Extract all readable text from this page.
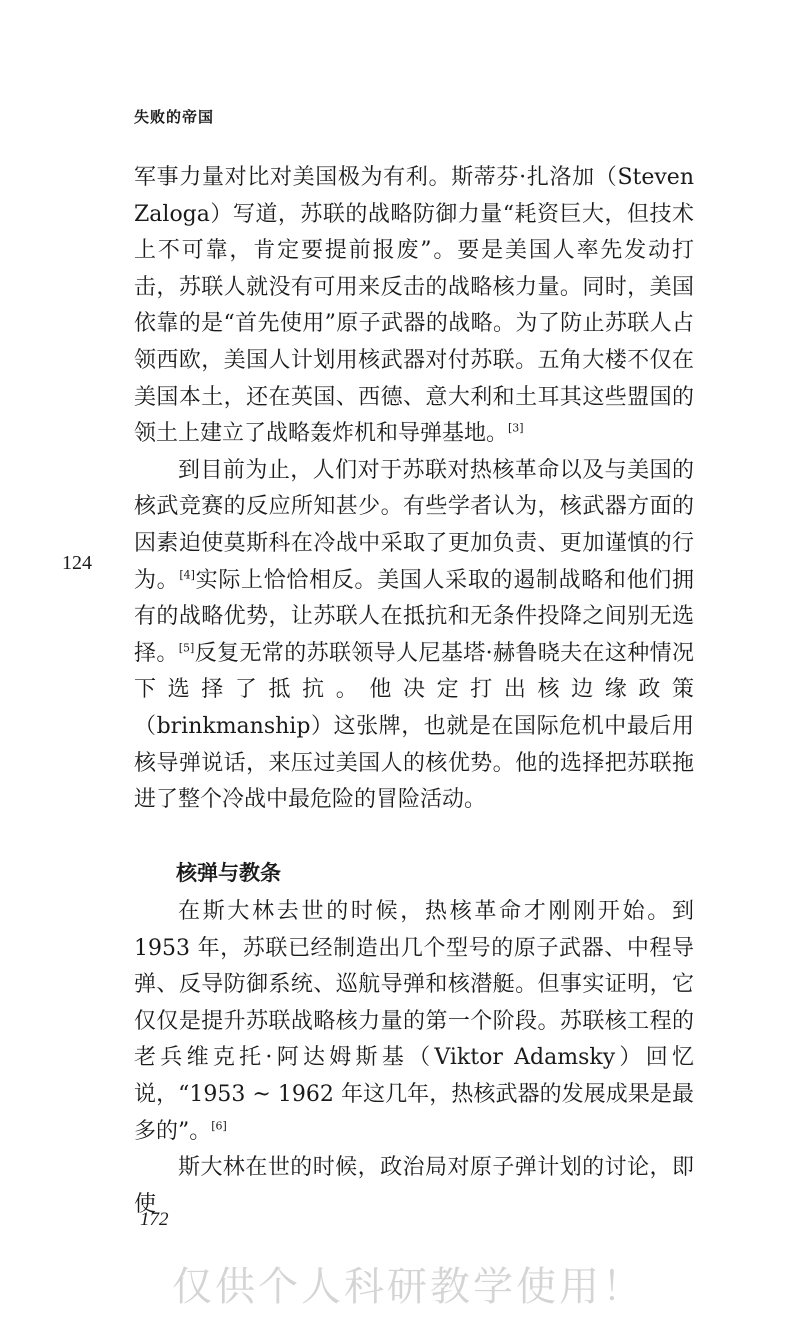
失败的帝国
124

军事力量对比对美国极为有利。斯蒂芬·扎洛加（Steven Zaloga）写道，苏联的战略防御力量“耗资巨大，但技术上不可靠，肯定要提前报废”。要是美国人率先发动打击，苏联人就没有可用来反击的战略核力量。同时，美国依靠的是“首先使用”原子武器的战略。为了防止苏联人占领西欧，美国人计划用核武器对付苏联。五角大楼不仅在美国本土，还在英国、西德、意大利和土耳其这些盟国的领土上建立了战略轰炸机和导弹基地。[3]

到目前为止，人们对于苏联对热核革命以及与美国的核武竞赛的反应所知甚少。有些学者认为，核武器方面的因素迫使莫斯科在冷战中采取了更加负责、更加谨慎的行为。[4]实际上恰恰相反。美国人采取的遏制战略和他们拥有的战略优势，让苏联人在抵抗和无条件投降之间别无选择。[5]反复无常的苏联领导人尼基塔·赫鲁晓夫在这种情况下选择了抵抗。他决定打出核边缘政策（brinkmanship）这张牌，也就是在国际危机中最后用核导弹说话，来压过美国人的核优势。他的选择把苏联拖进了整个冷战中最危险的冒险活动。

核弹与教条

在斯大林去世的时候，热核革命才刚刚开始。到 1953 年，苏联已经制造出几个型号的原子武器、中程导弹、反导防御系统、巡航导弹和核潜艇。但事实证明，它仅仅是提升苏联战略核力量的第一个阶段。苏联核工程的老兵维克托·阿达姆斯基（Viktor Adamsky）回忆说，“1953 ~ 1962 年这几年，热核武器的发展成果是最多的”。[6]

斯大林在世的时候，政治局对原子弹计划的讨论，即使

172
仅供个人科研教学使用！
